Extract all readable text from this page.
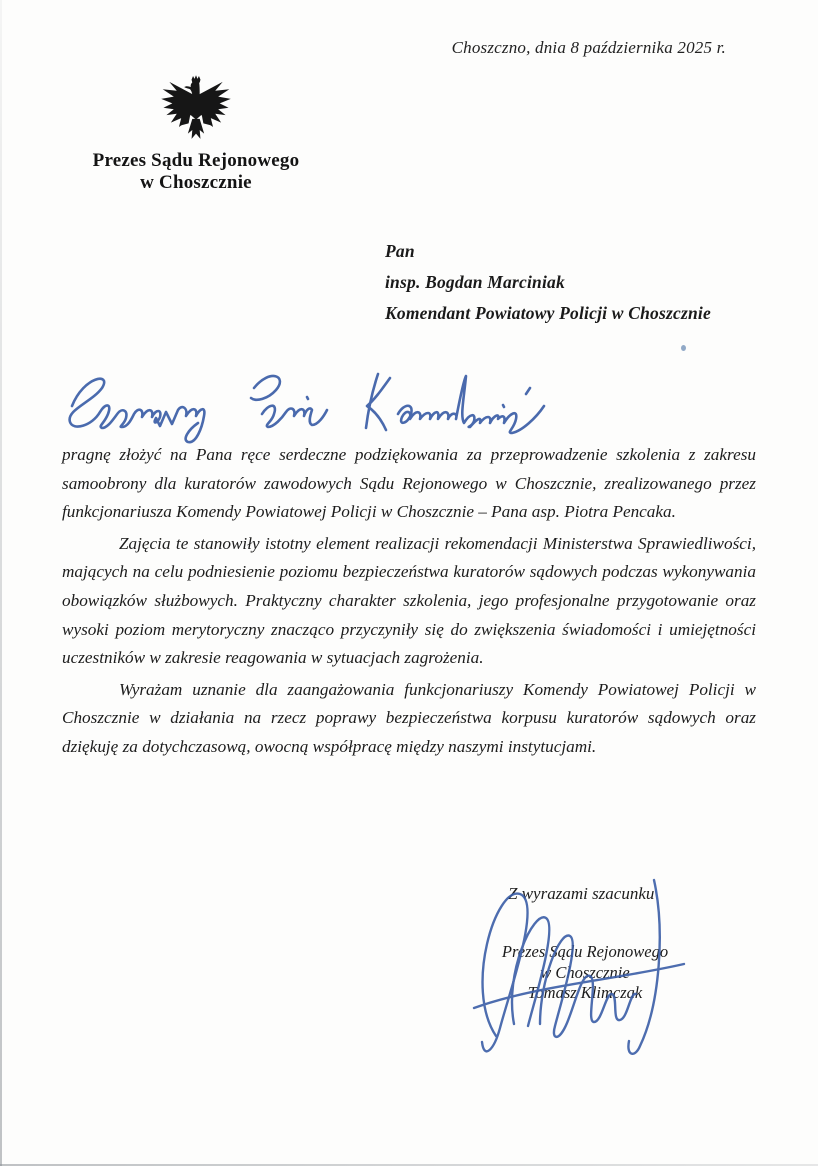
Choszczno, dnia 8 października 2025 r.
Prezes Sądu Rejonowego
w Choszcznie
Pan
insp. Bogdan Marciniak
Komendant Powiatowy Policji w Choszcznie

pragnę złożyć na Pana ręce serdeczne podziękowania za przeprowadzenie szkolenia z zakresu samoobrony dla kuratorów zawodowych Sądu Rejonowego w Choszcznie, zrealizowanego przez funkcjonariusza Komendy Powiatowej Policji w Choszcznie – Pana asp. Piotra Pencaka.

Zajęcia te stanowiły istotny element realizacji rekomendacji Ministerstwa Sprawiedliwości, mających na celu podniesienie poziomu bezpieczeństwa kuratorów sądowych podczas wykonywania obowiązków służbowych. Praktyczny charakter szkolenia, jego profesjonalne przygotowanie oraz wysoki poziom merytoryczny znacząco przyczyniły się do zwiększenia świadomości i umiejętności uczestników w zakresie reagowania w sytuacjach zagrożenia.

Wyrażam uznanie dla zaangażowania funkcjonariuszy Komendy Powiatowej Policji w Choszcznie w działania na rzecz poprawy bezpieczeństwa korpusu kuratorów sądowych oraz dziękuję za dotychczasową, owocną współpracę między naszymi instytucjami.

Z wyrazami szacunku
Prezes Sądu Rejonowego
w Choszcznie
Tomasz Klimczak
